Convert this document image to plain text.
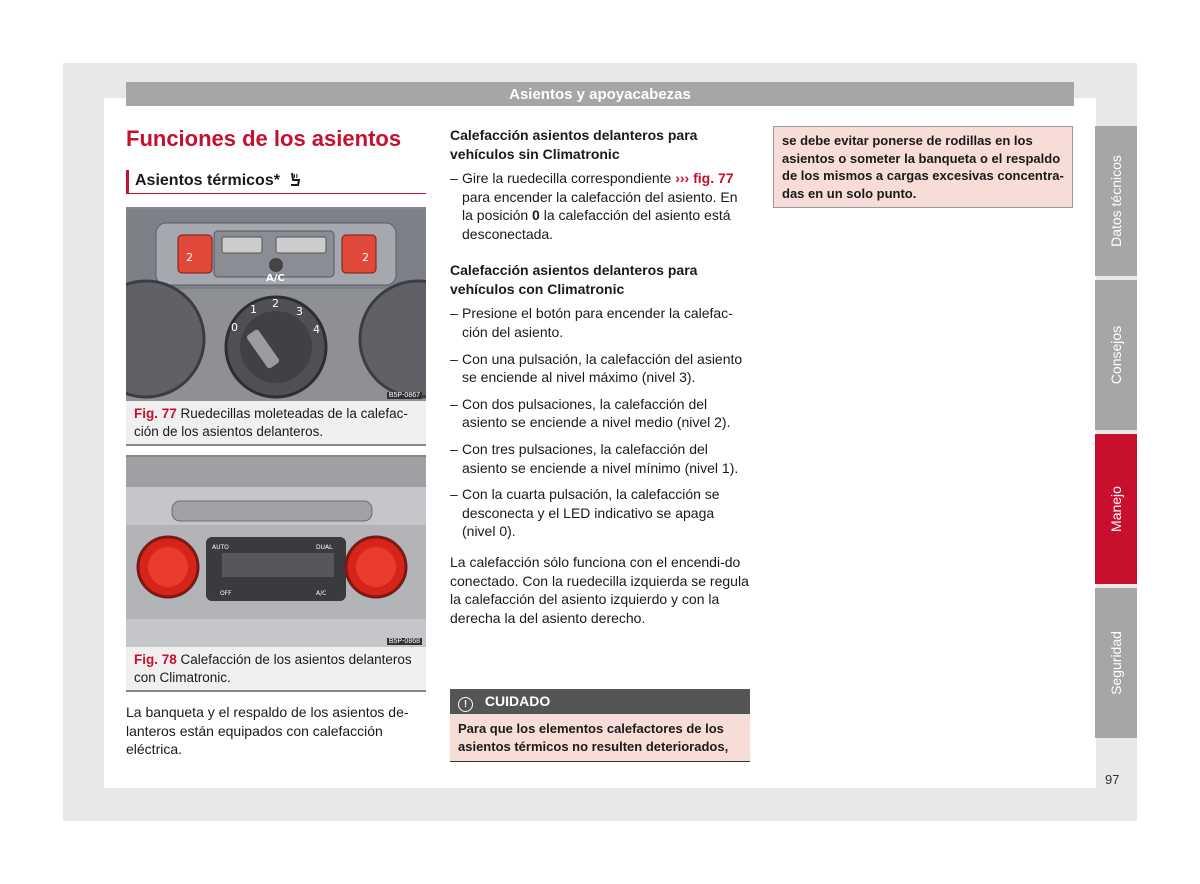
Asientos y apoyacabezas
Funciones de los asientos
Asientos térmicos*
2	2
A/C
0
1 2
3
4
B5P-0867
Fig. 77 Ruedecillas moleteadas de la calefac-ción de los asientos delanteros.
AUTO	DUAL
OFF	A/C
B5P-0868
Fig. 78 Calefacción de los asientos delanteros con Climatronic.
La banqueta y el respaldo de los asientos de-lanteros están equipados con calefacción eléctrica.
Calefacción asientos delanteros para vehículos sin Climatronic

– Gire la ruedecilla correspondiente ››› fig. 77 para encender la calefacción del asiento. En la posición 0 la calefacción del asiento está desconectada.

Calefacción asientos delanteros para vehículos con Climatronic

– Presione el botón para encender la calefac-ción del asiento.

– Con una pulsación, la calefacción del asiento se enciende al nivel máximo (nivel 3).

– Con dos pulsaciones, la calefacción del asiento se enciende a nivel medio (nivel 2).

– Con tres pulsaciones, la calefacción del asiento se enciende a nivel mínimo (nivel 1).

– Con la cuarta pulsación, la calefacción se desconecta y el LED indicativo se apaga (nivel 0).

La calefacción sólo funciona con el encendi-do conectado. Con la ruedecilla izquierda se regula la calefacción del asiento izquierdo y con la derecha la del asiento derecho.

! CUIDADO
Para que los elementos calefactores de los asientos térmicos no resulten deteriorados,
se debe evitar ponerse de rodillas en los asientos o someter la banqueta o el respaldo de los mismos a cargas excesivas concentra-das en un solo punto.	Datos técnicos
Consejos
Manejo
Seguridad
97
